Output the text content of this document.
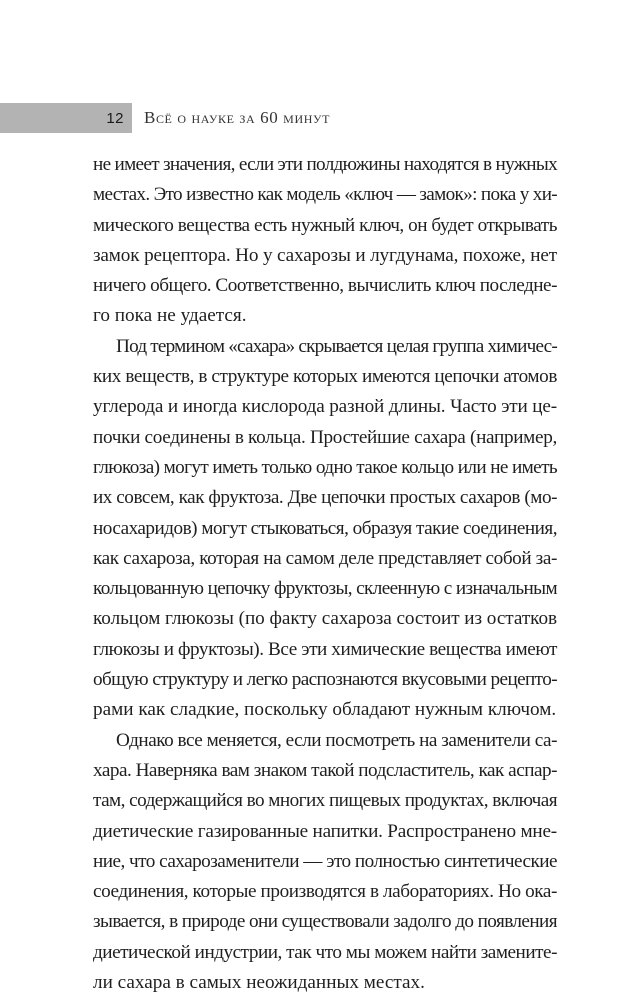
12	Всё о науке за 60 минут

не имеет значения, если эти полдюжины находятся в нужных
местах. Это известно как модель «ключ — замок»: пока у хи-
мического вещества есть нужный ключ, он будет открывать
замок рецептора. Но у сахарозы и лугдунама, похоже, нет
ничего общего. Соответственно, вычислить ключ последне-
го пока не удается.

Под термином «сахара» скрывается целая группа химичес-
ких веществ, в структуре которых имеются цепочки атомов
углерода и иногда кислорода разной длины. Часто эти це-
почки соединены в кольца. Простейшие сахара (например,
глюкоза) могут иметь только одно такое кольцо или не иметь
их совсем, как фруктоза. Две цепочки простых сахаров (мо-
носахаридов) могут стыковаться, образуя такие соединения,
как сахароза, которая на самом деле представляет собой за-
кольцованную цепочку фруктозы, склеенную с изначальным
кольцом глюкозы (по факту сахароза состоит из остатков
глюкозы и фруктозы). Все эти химические вещества имеют
общую структуру и легко распознаются вкусовыми рецепто-
рами как сладкие, поскольку обладают нужным ключом.

Однако все меняется, если посмотреть на заменители са-
хара. Наверняка вам знаком такой подсластитель, как аспар-
там, содержащийся во многих пищевых продуктах, включая
диетические газированные напитки. Распространено мне-
ние, что сахарозаменители — это полностью синтетические
соединения, которые производятся в лабораториях. Но ока-
зывается, в природе они существовали задолго до появления
диетической индустрии, так что мы можем найти замените-
ли сахара в самых неожиданных местах.
